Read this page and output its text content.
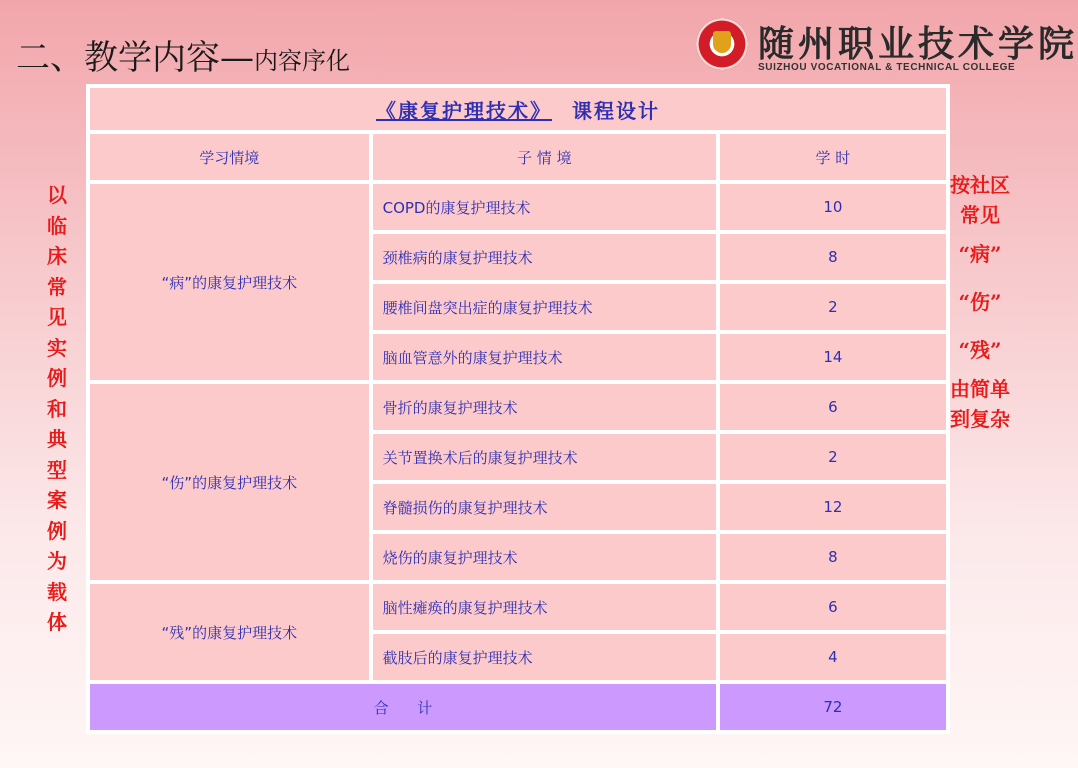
二、教学内容—内容序化	随州职业技术学院
SUIZHOU VOCATIONAL & TECHNICAL COLLEGE
以临床常见实例和典型案例为载体
按社区常见
“病”
“伤”
“残”
由简单到复杂
《康复护理技术》 课程设计		
学习情境	子 情 境	学 时
“病”的康复护理技术	COPD的康复护理技术	10
	颈椎病的康复护理技术	8
	腰椎间盘突出症的康复护理技术	2
	脑血管意外的康复护理技术	14
“伤”的康复护理技术	骨折的康复护理技术	6
	关节置换术后的康复护理技术	2
	脊髓损伤的康复护理技术	12
	烧伤的康复护理技术	8
“残”的康复护理技术	脑性瘫痪的康复护理技术	6
	截肢后的康复护理技术	4
合      计		72
